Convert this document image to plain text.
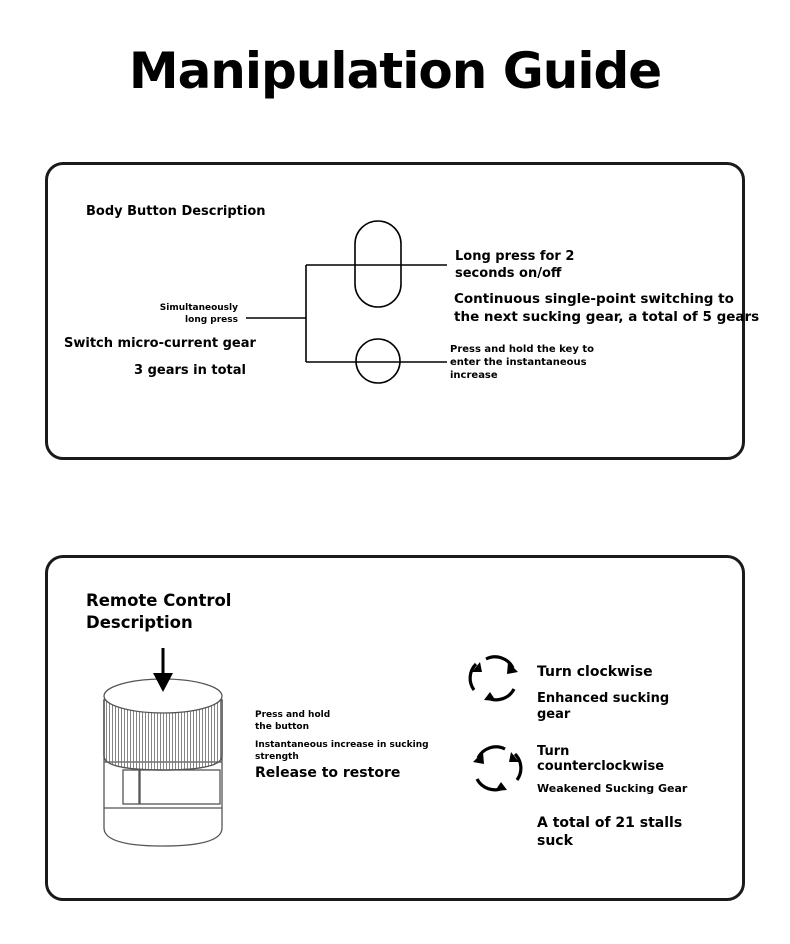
Manipulation Guide
Body Button Description
Simultaneously
long press
Switch micro-current gear
3 gears in total
Long press for 2
seconds on/off
Continuous single-point switching to
the next sucking gear, a total of 5 gears
Press and hold the key to
enter the instantaneous
increase
Remote Control
Description
Press and hold
the button
Instantaneous increase in sucking
strength
Release to restore
Turn clockwise
Enhanced sucking
gear
Turn
counterclockwise
Weakened Sucking Gear
A total of 21 stalls
suck
